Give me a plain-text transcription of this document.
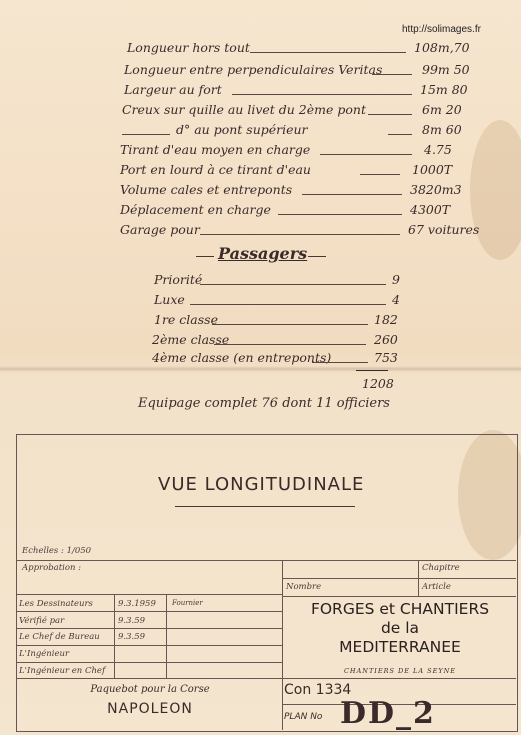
http://solimages.fr
Longueur hors tout	108m,70
Longueur entre perpendiculaires Veritas	99m 50
Largeur au fort	15m 80
Creux sur quille au livet du 2ème pont	6m 20
d° au pont supérieur	8m 60
Tirant d'eau moyen en charge	4.75
Port en lourd à ce tirant d'eau	1000T
Volume cales et entreponts	3820m3
Déplacement en charge	4300T
Garage pour	67 voitures
Passagers
Priorité	9
Luxe	4
1re classe	182
2ème classe	260
4ème classe (en entreponts)	753
1208
Equipage complet 76 dont 11 officiers
VUE LONGITUDINALE
Echelles : 1/050
Approbation :	Chapitre
Nombre	Article
Les Dessinateurs	9.3.1959 Fournier
Vérifié par	9.3.59
Le Chef de Bureau 9.3.59
L'Ingénieur
L'Ingénieur en Chef
FORGES et CHANTIERS
de la
MEDITERRANEE
CHANTIERS DE LA SEYNE
Paquebot pour la Corse
NAPOLEON
Con 1334
PLAN No DD_2
